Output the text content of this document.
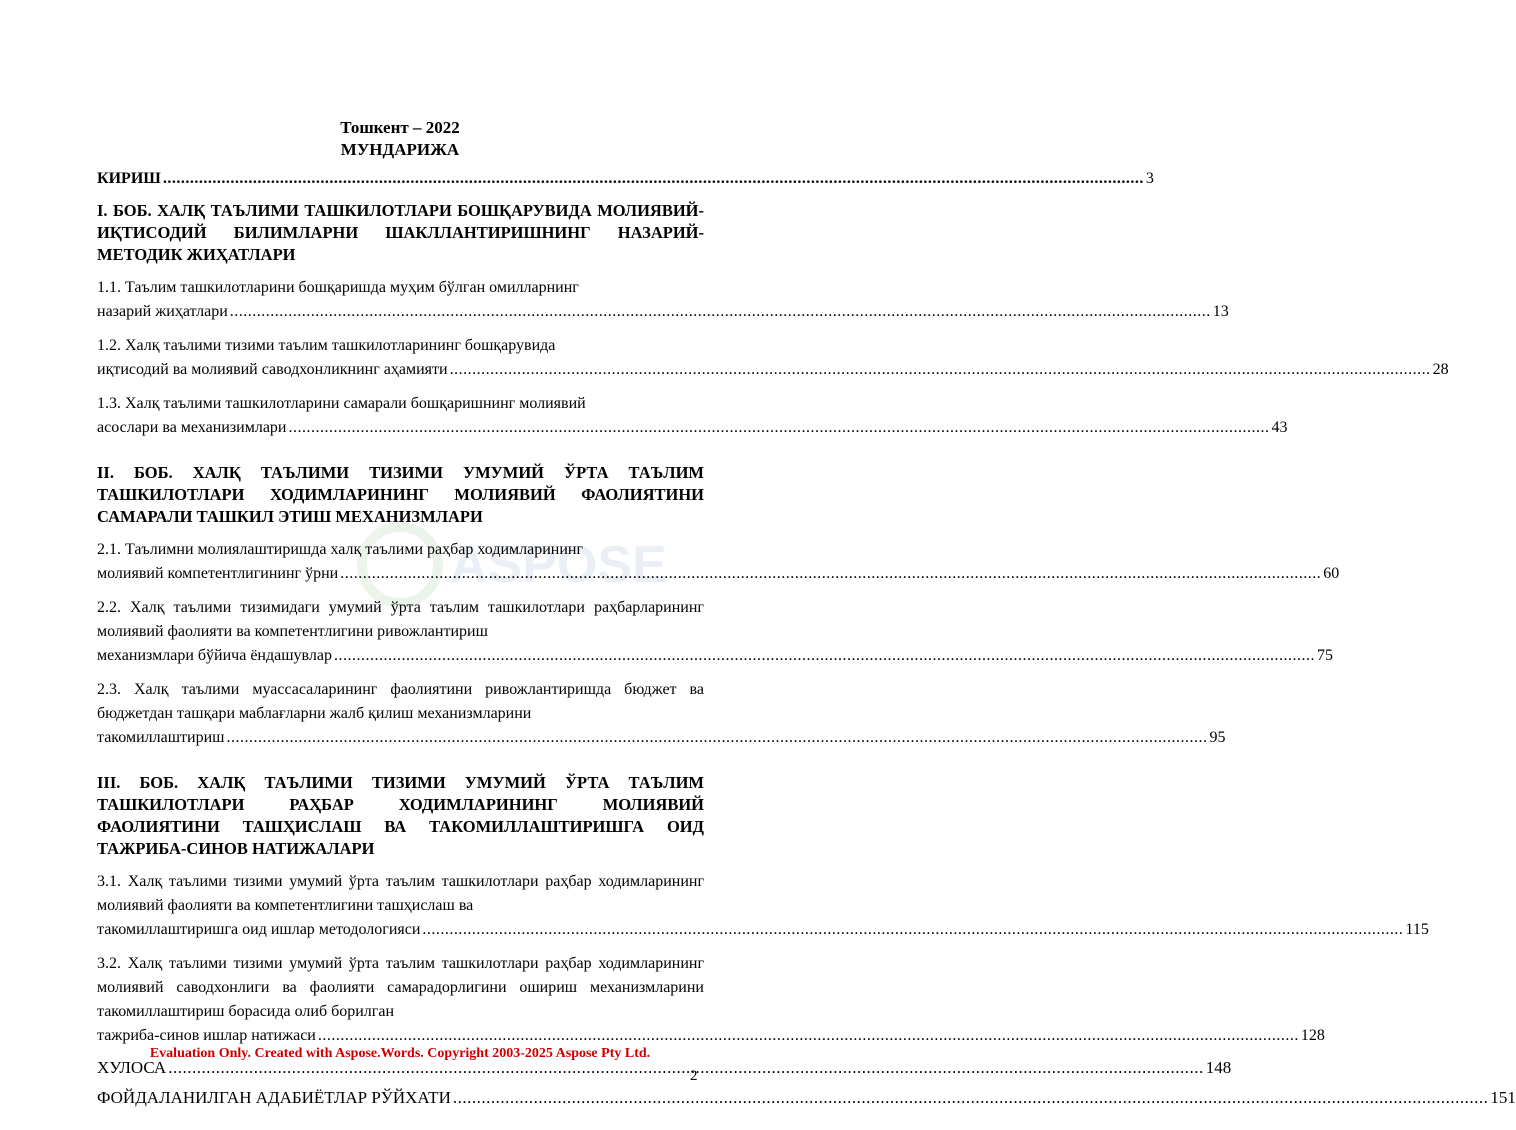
ASPOSE
Тошкент – 2022
МУНДАРИЖА
КИРИШ .....	3
I. БОБ. ХАЛҚ ТАЪЛИМИ ТАШКИЛОТЛАРИ БОШҚАРУВИДА МОЛИЯВИЙ-ИҚТИСОДИЙ БИЛИМЛАРНИ ШАКЛЛАНТИРИШНИНГ НАЗАРИЙ-МЕТОДИК ЖИҲАТЛАРИ
1.1. Таълим ташкилотларини бошқаришда муҳим бўлган омилларнинг
назарий жиҳатлари .....	13
1.2. Халқ таълими тизими таълим ташкилотларининг бошқарувида
иқтисодий ва молиявий саводхонликнинг аҳамияти .....	28
1.3. Халқ таълими ташкилотларини самарали бошқаришнинг молиявий
асослари ва механизимлари .....	43
II. БОБ. ХАЛҚ ТАЪЛИМИ ТИЗИМИ УМУМИЙ ЎРТА ТАЪЛИМ ТАШКИЛОТЛАРИ ХОДИМЛАРИНИНГ МОЛИЯВИЙ ФАОЛИЯТИНИ САМАРАЛИ ТАШКИЛ ЭТИШ МЕХАНИЗМЛАРИ
2.1. Таълимни молиялаштиришда халқ таълими раҳбар ходимларининг
молиявий компетентлигининг ўрни .....	60
2.2. Халқ таълими тизимидаги умумий ўрта таълим ташкилотлари раҳбарларининг молиявий фаолияти ва компетентлигини ривожлантириш
механизмлари бўйича ёндашувлар .....	75
2.3. Халқ таълими муассасаларининг фаолиятини ривожлантиришда бюджет ва бюджетдан ташқари маблағларни жалб қилиш механизмларини
такомиллаштириш .....	95
III. БОБ. ХАЛҚ ТАЪЛИМИ ТИЗИМИ УМУМИЙ ЎРТА ТАЪЛИМ ТАШКИЛОТЛАРИ РАҲБАР ХОДИМЛАРИНИНГ МОЛИЯВИЙ ФАОЛИЯТИНИ ТАШҲИСЛАШ ВА ТАКОМИЛЛАШТИРИШГА ОИД ТАЖРИБА-СИНОВ НАТИЖАЛАРИ
3.1. Халқ таълими тизими умумий ўрта таълим ташкилотлари раҳбар ходимларининг молиявий фаолияти ва компетентлигини ташҳислаш ва
такомиллаштиришга оид ишлар методологияси .....	115
3.2. Халқ таълими тизими умумий ўрта таълим ташкилотлари раҳбар ходимларининг молиявий саводхонлиги ва фаолияти самарадорлигини ошириш механизмларини такомиллаштириш борасида олиб борилган
тажриба-синов ишлар натижаси .....	128
ХУЛОСА .....	148
ФОЙДАЛАНИЛГАН АДАБИЁТЛАР РЎЙХАТИ .....	151
Evaluation Only. Created with Aspose.Words. Copyright 2003-2025 Aspose Pty Ltd.
2
